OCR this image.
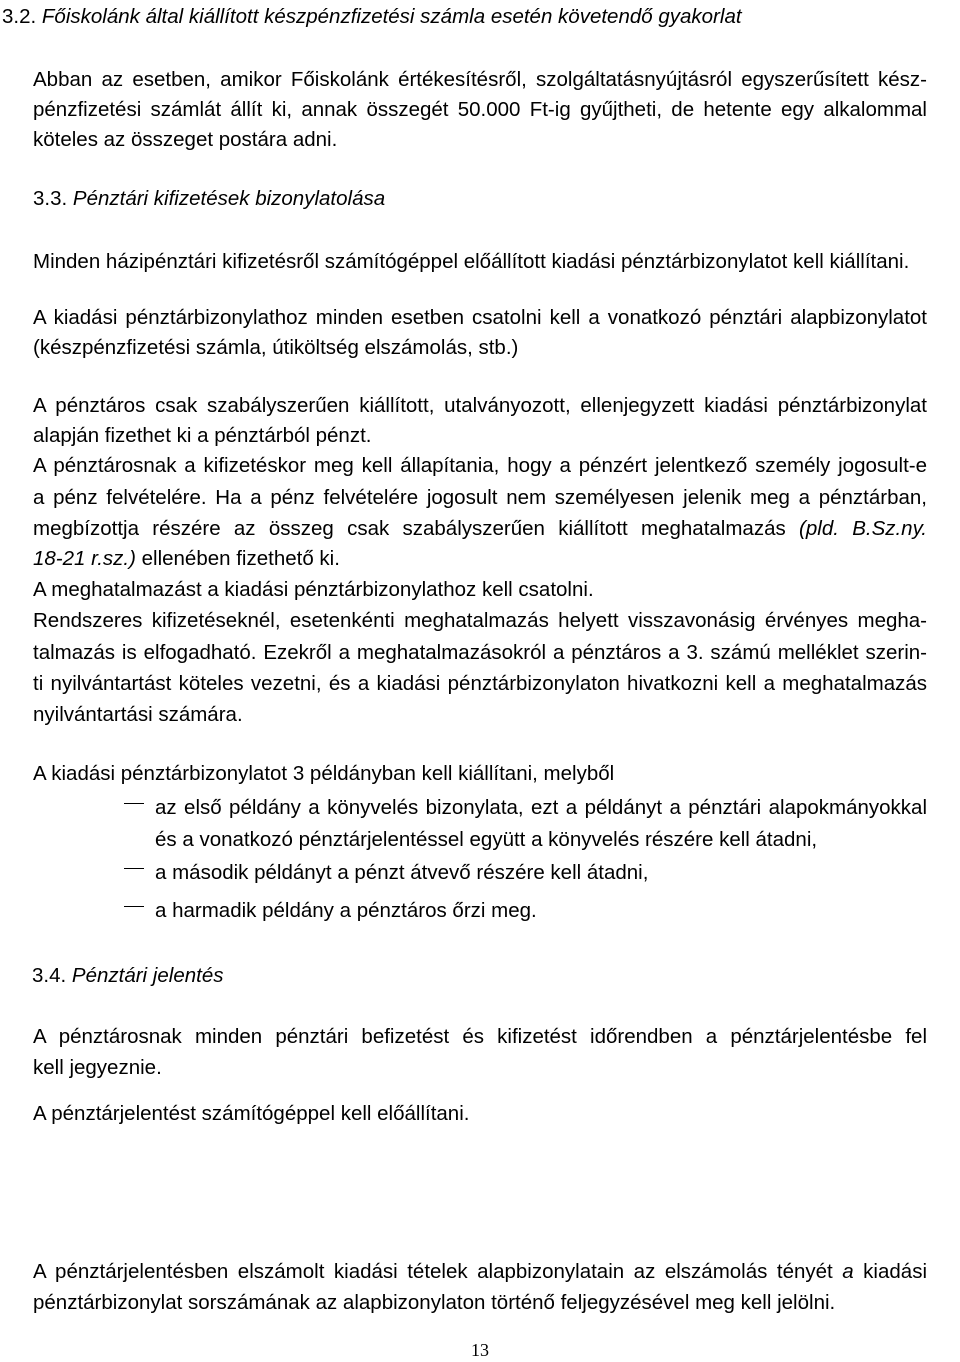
3.2. Főiskolánk által kiállított készpénzfizetési számla esetén követendő gyakorlat
Abban az esetben, amikor Főiskolánk értékesítésről, szolgáltatásnyújtásról egyszerűsített kész-
pénzfizetési számlát állít ki, annak összegét 50.000 Ft-ig gyűjtheti, de hetente egy alkalommal
köteles az összeget postára adni.
3.3. Pénztári kifizetések bizonylatolása
Minden házipénztári kifizetésről számítógéppel előállított kiadási pénztárbizonylatot kell kiállítani.
A kiadási pénztárbizonylathoz minden esetben csatolni kell a vonatkozó pénztári alapbizonylatot
(készpénzfizetési számla, útiköltség elszámolás, stb.)
A pénztáros csak szabályszerűen kiállított, utalványozott, ellenjegyzett kiadási pénztárbizonylat
alapján fizethet ki a pénztárból pénzt.
A pénztárosnak a kifizetéskor meg kell állapítania, hogy a pénzért jelentkező személy jogosult-e
a pénz felvételére. Ha a pénz felvételére jogosult nem személyesen jelenik meg a pénztárban,
megbízottja részére az összeg csak szabályszerűen kiállított meghatalmazás (pld. B.Sz.ny.
18-21 r.sz.) ellenében fizethető ki.
A meghatalmazást a kiadási pénztárbizonylathoz kell csatolni.
Rendszeres kifizetéseknél, esetenkénti meghatalmazás helyett visszavonásig érvényes megha-
talmazás is elfogadható. Ezekről a meghatalmazásokról a pénztáros a 3. számú melléklet szerin-
ti nyilvántartást köteles vezetni, és a kiadási pénztárbizonylaton hivatkozni kell a meghatalmazás
nyilvántartási számára.
A kiadási pénztárbizonylatot 3 példányban kell kiállítani, melyből
az első példány a könyvelés bizonylata, ezt a példányt a pénztári alapokmányokkal
és a vonatkozó pénztárjelentéssel együtt a könyvelés részére kell átadni,
a második példányt a pénzt átvevő részére kell átadni,
a harmadik példány a pénztáros őrzi meg.
3.4. Pénztári jelentés
A pénztárosnak minden pénztári befizetést és kifizetést időrendben a pénztárjelentésbe fel
kell jegyeznie.
A pénztárjelentést számítógéppel kell előállítani.
A pénztárjelentésben elszámolt kiadási tételek alapbizonylatain az elszámolás tényét a kiadási
pénztárbizonylat sorszámának az alapbizonylaton történő feljegyzésével meg kell jelölni.
13
